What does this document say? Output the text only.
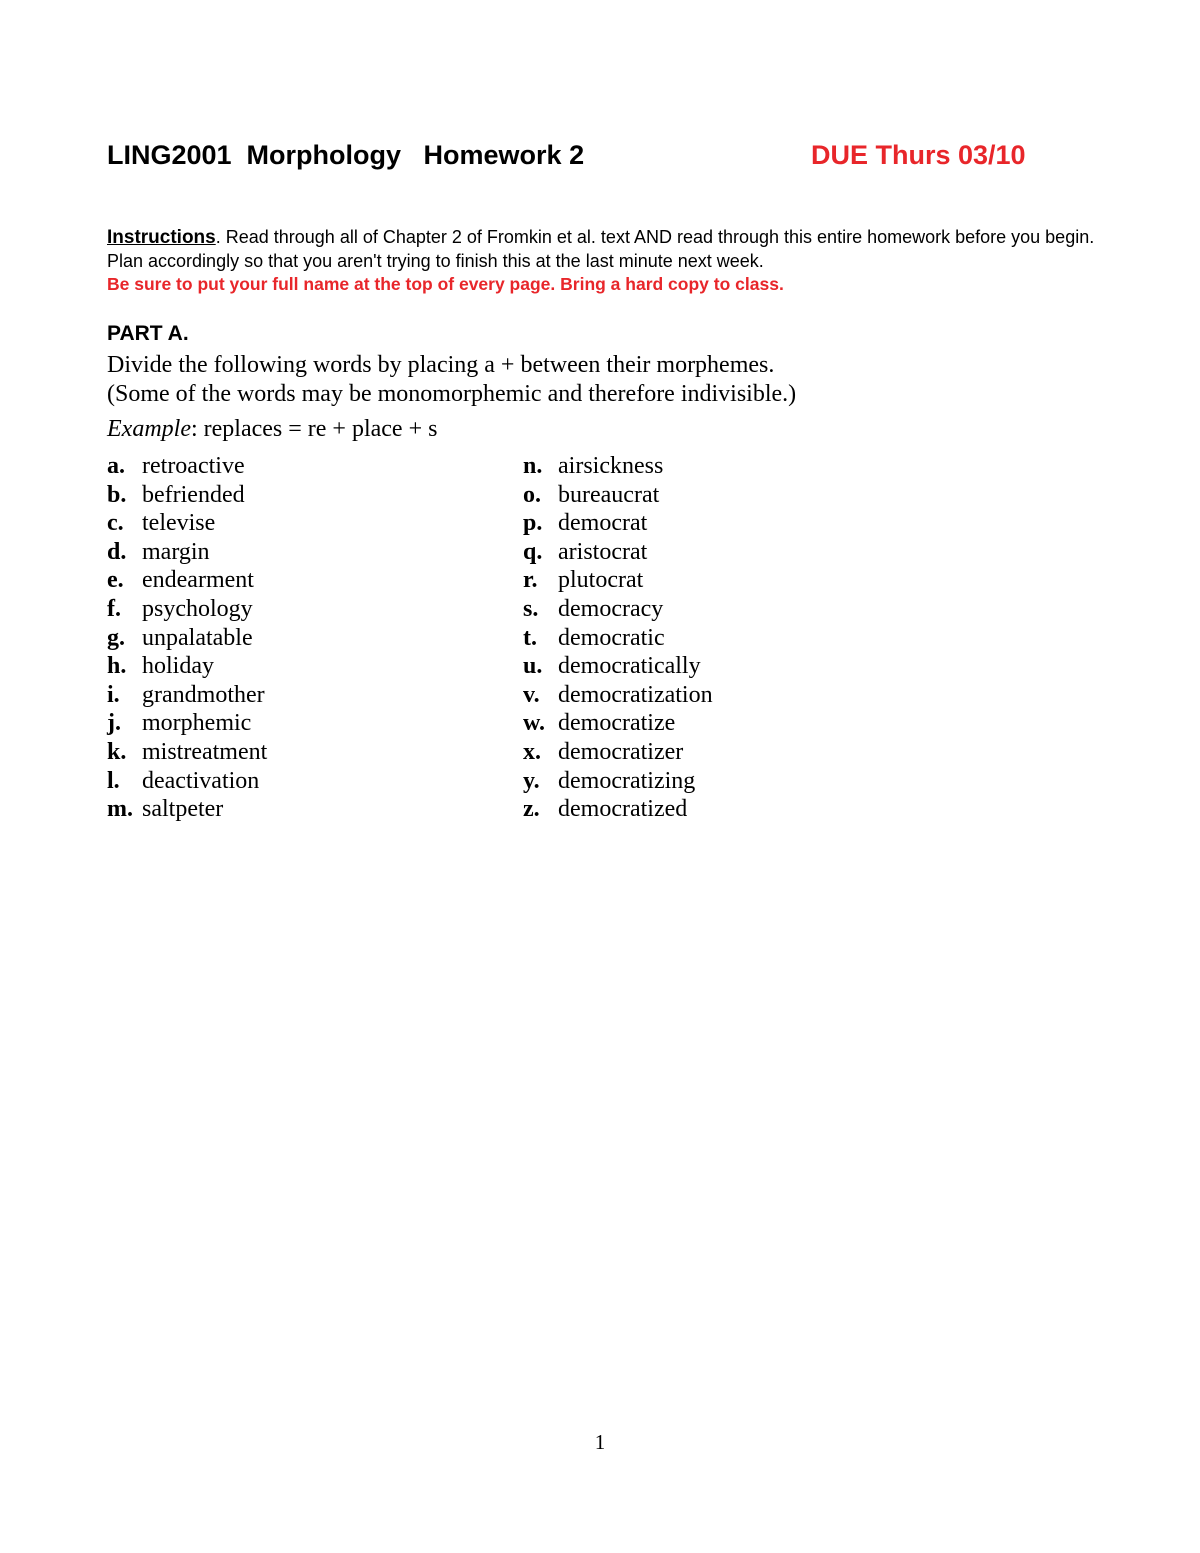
LING2001  Morphology   Homework 2	DUE Thurs 03/10
Instructions. Read through all of Chapter 2 of Fromkin et al. text AND read through this entire homework before you begin. Plan accordingly so that you aren't trying to finish this at the last minute next week.
Be sure to put your full name at the top of every page. Bring a hard copy to class.
PART A.
Divide the following words by placing a + between their morphemes.
(Some of the words may be monomorphemic and therefore indivisible.)
Example: replaces = re + place + s
a. retroactive
b. befriended
c. televise
d. margin
e. endearment
f. psychology
g. unpalatable
h. holiday
i. grandmother
j. morphemic
k. mistreatment
l. deactivation
m. saltpeter
n. airsickness
o. bureaucrat
p. democrat
q. aristocrat
r. plutocrat
s. democracy
t. democratic
u. democratically
v. democratization
w. democratize
x. democratizer
y. democratizing
z. democratized
1
